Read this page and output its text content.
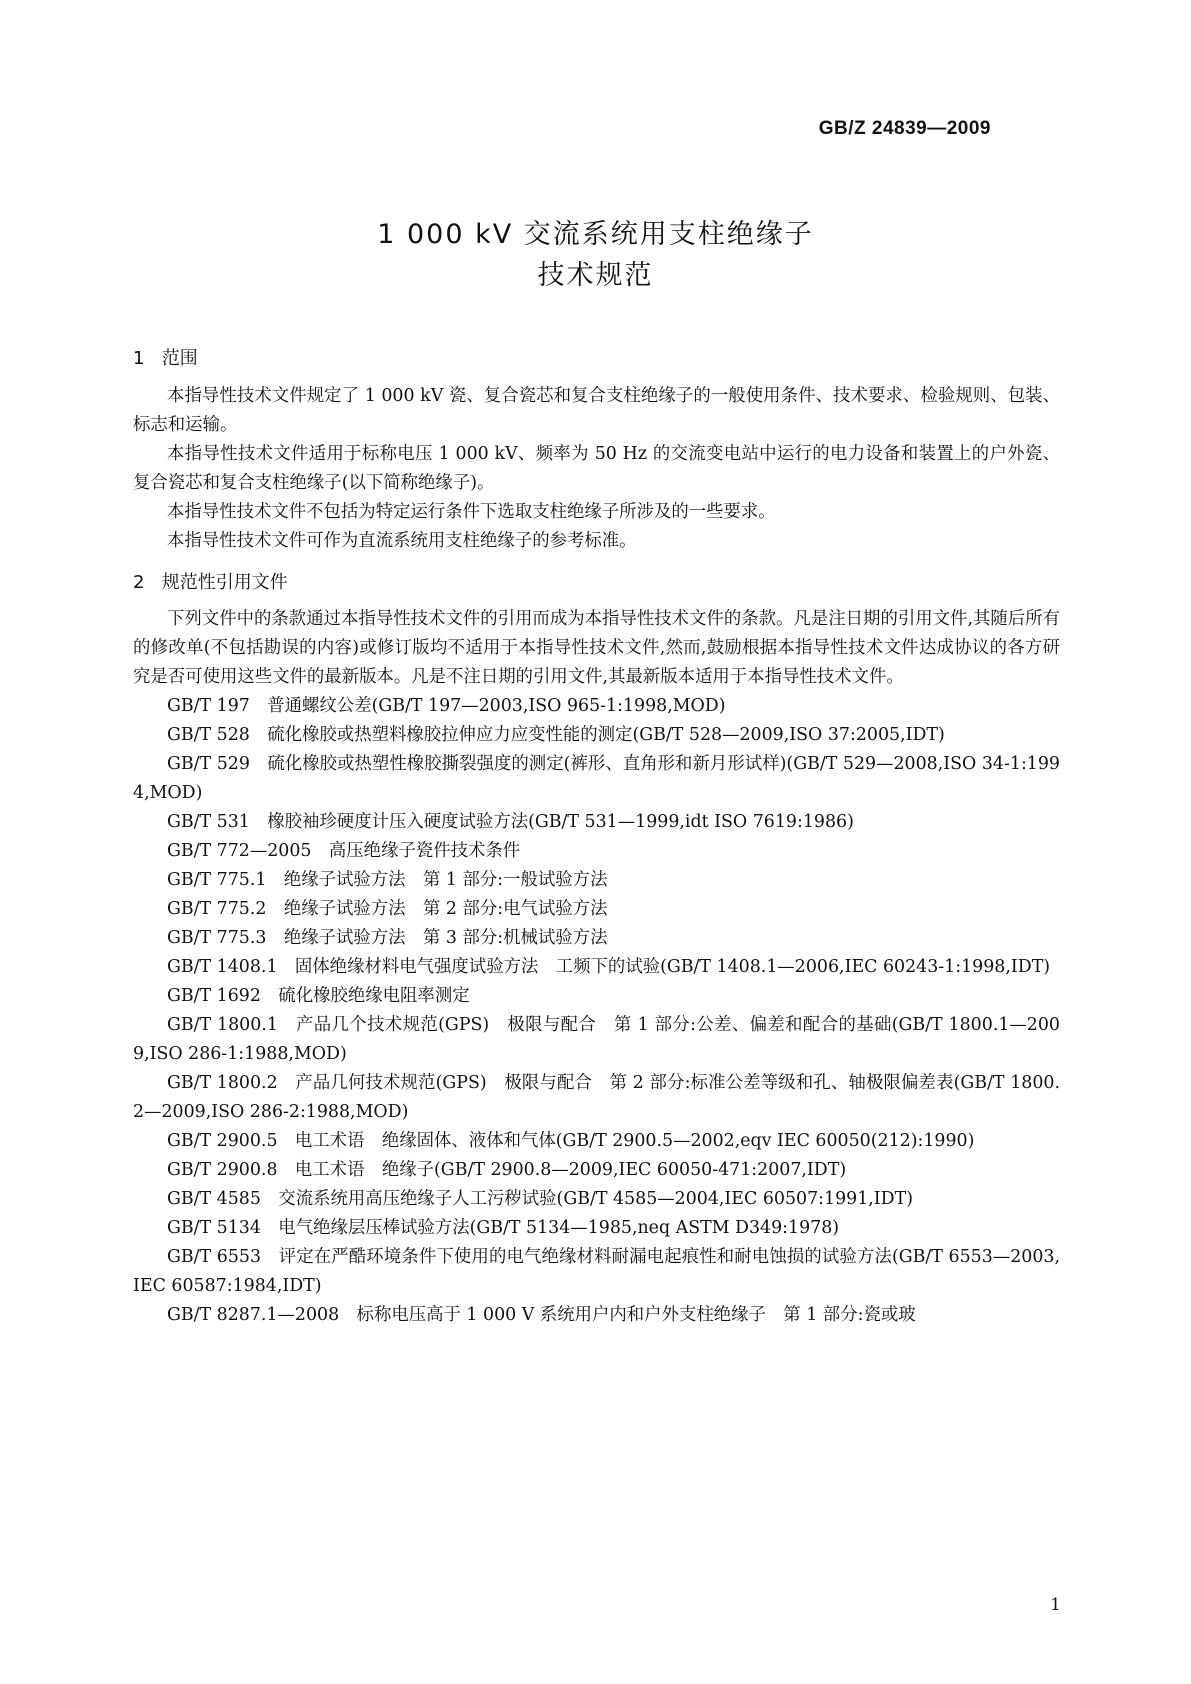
GB/Z 24839—2009
1 000 kV 交流系统用支柱绝缘子
技术规范
1 范围

本指导性技术文件规定了 1 000 kV 瓷、复合瓷芯和复合支柱绝缘子的一般使用条件、技术要求、检验规则、包装、标志和运输。

本指导性技术文件适用于标称电压 1 000 kV、频率为 50 Hz 的交流变电站中运行的电力设备和装置上的户外瓷、复合瓷芯和复合支柱绝缘子(以下简称绝缘子)。

本指导性技术文件不包括为特定运行条件下选取支柱绝缘子所涉及的一些要求。

本指导性技术文件可作为直流系统用支柱绝缘子的参考标准。

2 规范性引用文件

下列文件中的条款通过本指导性技术文件的引用而成为本指导性技术文件的条款。凡是注日期的引用文件,其随后所有的修改单(不包括勘误的内容)或修订版均不适用于本指导性技术文件,然而,鼓励根据本指导性技术文件达成协议的各方研究是否可使用这些文件的最新版本。凡是不注日期的引用文件,其最新版本适用于本指导性技术文件。

GB/T 197　普通螺纹公差(GB/T 197—2003,ISO 965-1:1998,MOD)

GB/T 528　硫化橡胶或热塑料橡胶拉伸应力应变性能的测定(GB/T 528—2009,ISO 37:2005,IDT)

GB/T 529　硫化橡胶或热塑性橡胶撕裂强度的测定(裤形、直角形和新月形试样)(GB/T 529—2008,ISO 34-1:1994,MOD)

GB/T 531　橡胶袖珍硬度计压入硬度试验方法(GB/T 531—1999,idt ISO 7619:1986)

GB/T 772—2005　高压绝缘子瓷件技术条件

GB/T 775.1　绝缘子试验方法　第 1 部分:一般试验方法

GB/T 775.2　绝缘子试验方法　第 2 部分:电气试验方法

GB/T 775.3　绝缘子试验方法　第 3 部分:机械试验方法

GB/T 1408.1　固体绝缘材料电气强度试验方法　工频下的试验(GB/T 1408.1—2006,IEC 60243-1:1998,IDT)

GB/T 1692　硫化橡胶绝缘电阻率测定

GB/T 1800.1　产品几个技术规范(GPS)　极限与配合　第 1 部分:公差、偏差和配合的基础(GB/T 1800.1—2009,ISO 286-1:1988,MOD)

GB/T 1800.2　产品几何技术规范(GPS)　极限与配合　第 2 部分:标准公差等级和孔、轴极限偏差表(GB/T 1800.2—2009,ISO 286-2:1988,MOD)

GB/T 2900.5　电工术语　绝缘固体、液体和气体(GB/T 2900.5—2002,eqv IEC 60050(212):1990)

GB/T 2900.8　电工术语　绝缘子(GB/T 2900.8—2009,IEC 60050-471:2007,IDT)

GB/T 4585　交流系统用高压绝缘子人工污秽试验(GB/T 4585—2004,IEC 60507:1991,IDT)

GB/T 5134　电气绝缘层压棒试验方法(GB/T 5134—1985,neq ASTM D349:1978)

GB/T 6553　评定在严酷环境条件下使用的电气绝缘材料耐漏电起痕性和耐电蚀损的试验方法(GB/T 6553—2003,IEC 60587:1984,IDT)

GB/T 8287.1—2008　标称电压高于 1 000 V 系统用户内和户外支柱绝缘子　第 1 部分:瓷或玻

1
